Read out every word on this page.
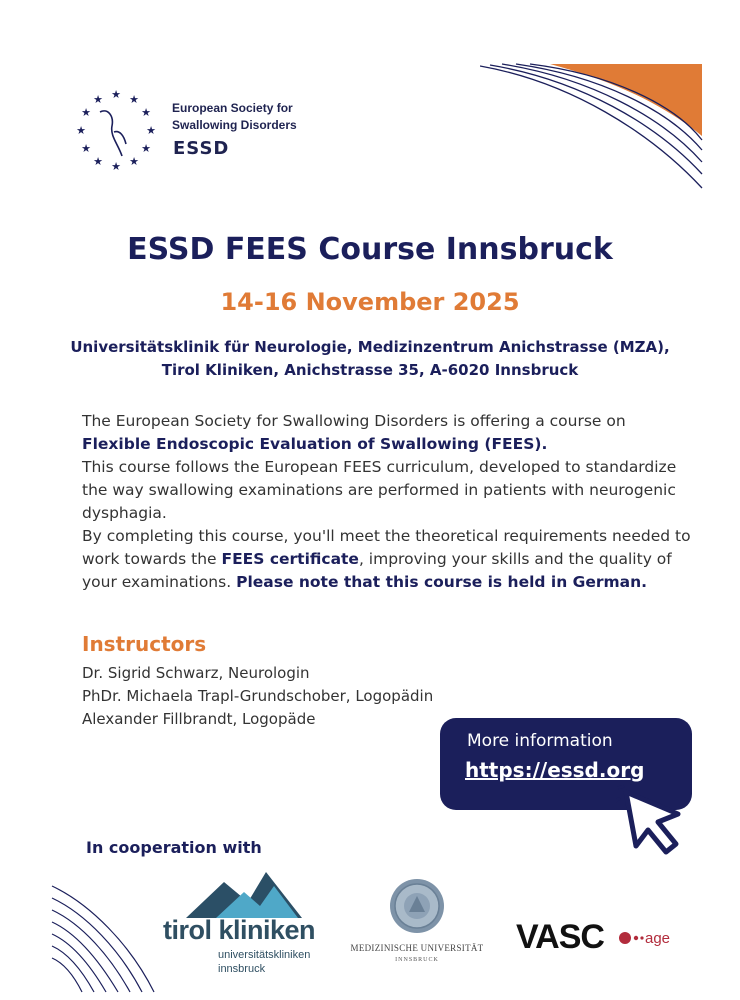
★ ★
★
★
★
★
★
★
★
★
★
★
European Society for
Swallowing Disorders
ESSD
ESSD FEES Course Innsbruck
14-16 November 2025
Universitätsklinik für Neurologie, Medizinzentrum Anichstrasse (MZA),
Tirol Kliniken, Anichstrasse 35, A-6020 Innsbruck
The European Society for Swallowing Disorders is offering a course on
Flexible Endoscopic Evaluation of Swallowing (FEES).
This course follows the European FEES curriculum, developed to standardize the way swallowing examinations are performed in patients with neurogenic dysphagia.
By completing this course, you'll meet the theoretical requirements needed to work towards the FEES certificate, improving your skills and the quality of your examinations. Please note that this course is held in German.
Instructors
Dr. Sigrid Schwarz, Neurologin
PhDr. Michaela Trapl-Grundschober, Logopädin
Alexander Fillbrandt, Logopäde
More information
https://essd.org
In cooperation with
tirol kliniken
universitätskliniken
innsbruck
MEDIZINISCHE UNIVERSITÄT
INNSBRUCK
VASC	age
